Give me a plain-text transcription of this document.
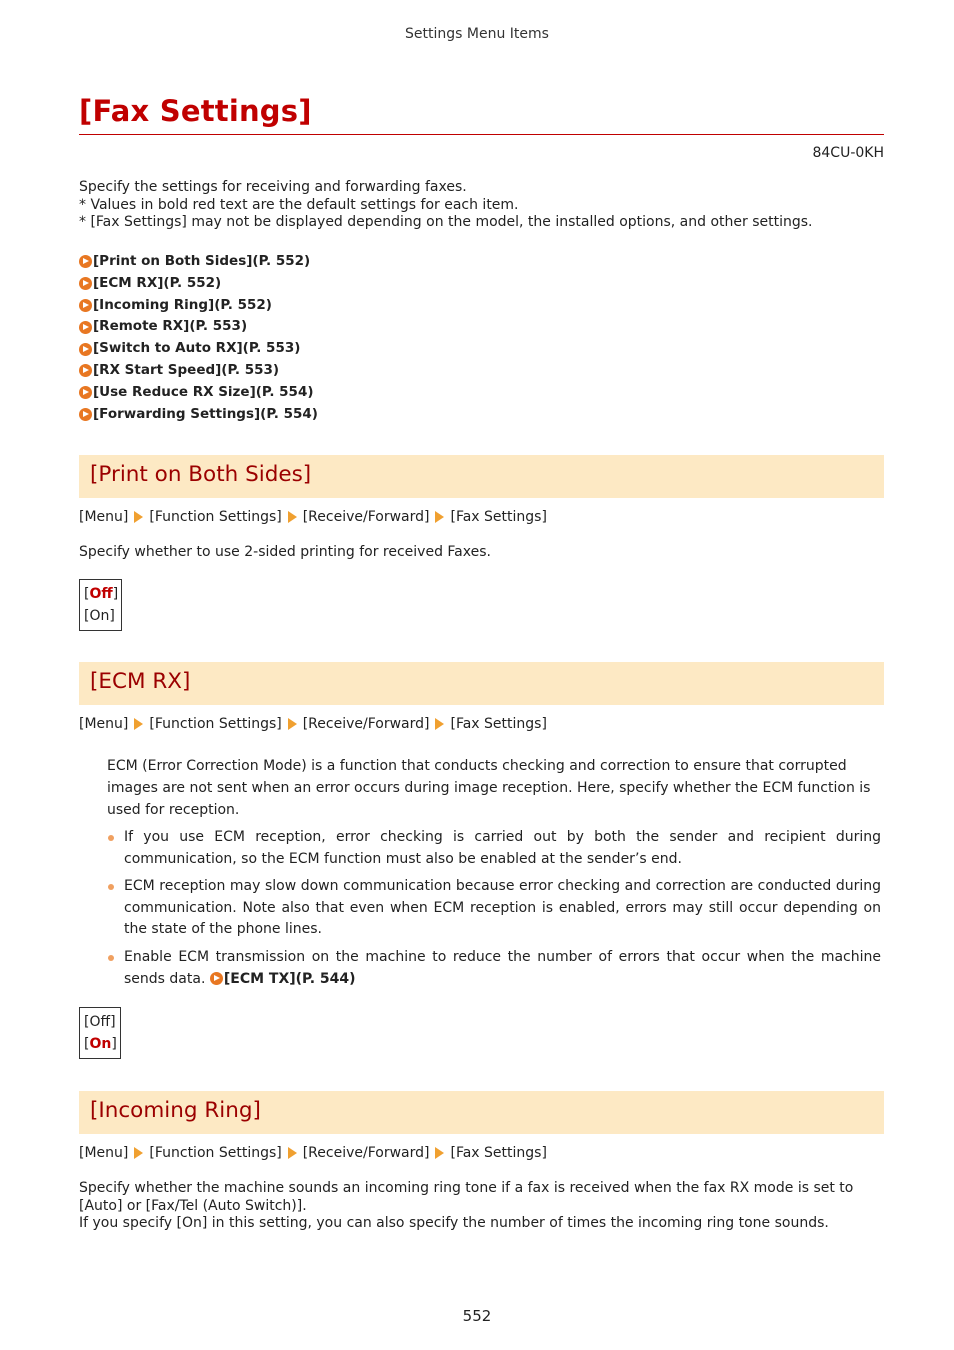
Settings Menu Items
[Fax Settings]
84CU-0KH
Specify the settings for receiving and forwarding faxes.
* Values in bold red text are the default settings for each item.
* [Fax Settings] may not be displayed depending on the model, the installed options, and other settings.
[Print on Both Sides](P. 552)
[ECM RX](P. 552)
[Incoming Ring](P. 552)
[Remote RX](P. 553)
[Switch to Auto RX](P. 553)
[RX Start Speed](P. 553)
[Use Reduce RX Size](P. 554)
[Forwarding Settings](P. 554)
[Print on Both Sides]
[Menu] [Function Settings] [Receive/Forward] [Fax Settings]
Specify whether to use 2-sided printing for received Faxes.
[Off]
[On]
[ECM RX]
[Menu] [Function Settings] [Receive/Forward] [Fax Settings]
ECM (Error Correction Mode) is a function that conducts checking and correction to ensure that corrupted images are not sent when an error occurs during image reception. Here, specify whether the ECM function is used for reception.
If you use ECM reception, error checking is carried out by both the sender and recipient during communication, so the ECM function must also be enabled at the sender’s end.
ECM reception may slow down communication because error checking and correction are conducted during communication. Note also that even when ECM reception is enabled, errors may still occur depending on the state of the phone lines.
Enable ECM transmission on the machine to reduce the number of errors that occur when the machine sends data. [ECM TX](P. 544)
[Off]
[On]
[Incoming Ring]
[Menu] [Function Settings] [Receive/Forward] [Fax Settings]
Specify whether the machine sounds an incoming ring tone if a fax is received when the fax RX mode is set to [Auto] or [Fax/Tel (Auto Switch)].
If you specify [On] in this setting, you can also specify the number of times the incoming ring tone sounds.
552
